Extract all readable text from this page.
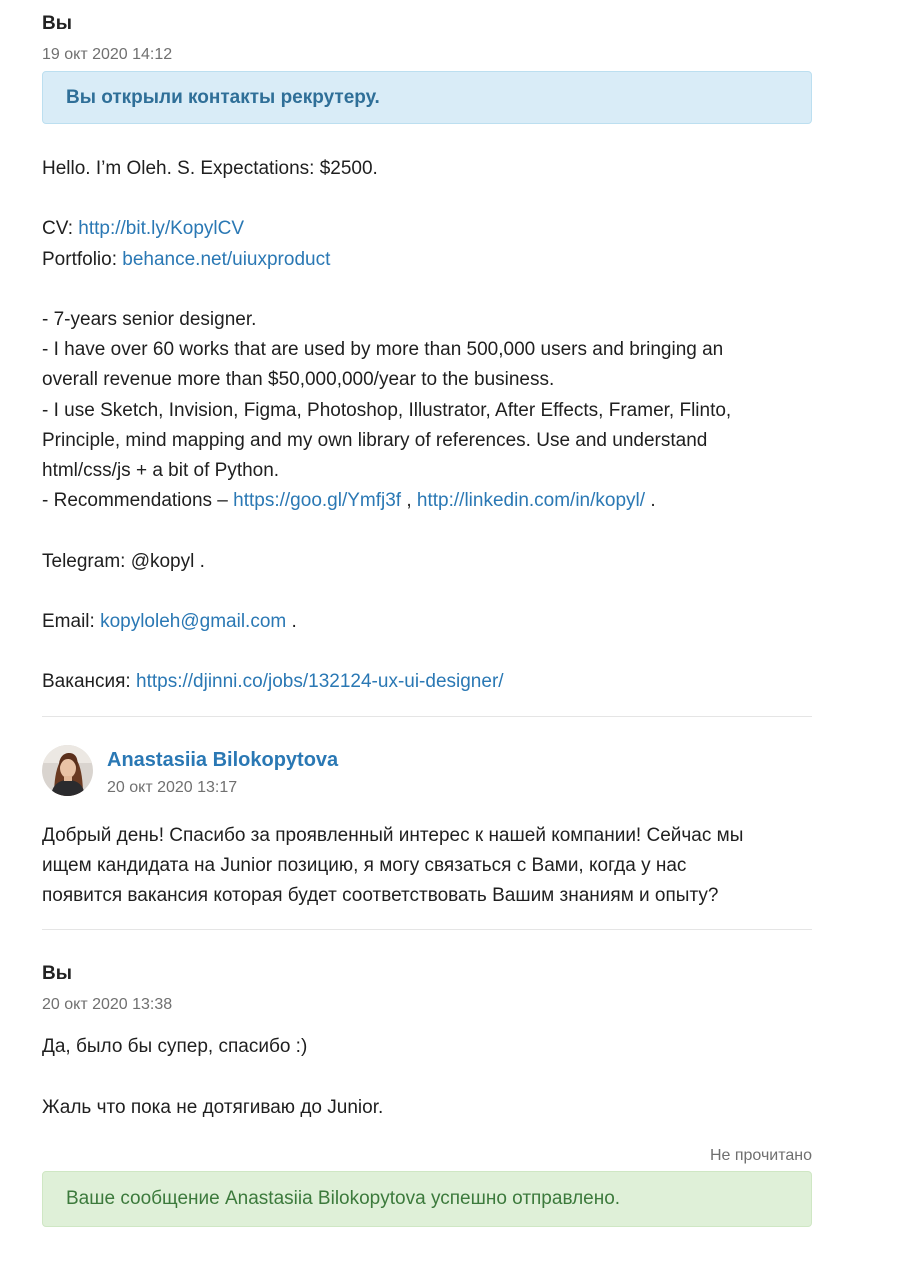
Вы
19 окт 2020 14:12
Вы открыли контакты рекрутеру.
Hello. I’m Oleh. S. Expectations: $2500.
CV: http://bit.ly/KopylCV
Portfolio: behance.net/uiuxproduct
- 7-years senior designer.
- I have over 60 works that are used by more than 500,000 users and bringing an
overall revenue more than $50,000,000/year to the business.
- I use Sketch, Invision, Figma, Photoshop, Illustrator, After Effects, Framer, Flinto,
Principle, mind mapping and my own library of references. Use and understand
html/css/js + a bit of Python.
- Recommendations – https://goo.gl/Ymfj3f , http://linkedin.com/in/kopyl/ .
Telegram: @kopyl .
Email: kopyloleh@gmail.com .
Вакансия: https://djinni.co/jobs/132124-ux-ui-designer/
Anastasiia Bilokopytova
20 окт 2020 13:17
Добрый день! Спасибо за проявленный интерес к нашей компании! Сейчас мы
ищем кандидата на Junior позицию, я могу связаться с Вами, когда у нас
появится вакансия которая будет соответствовать Вашим знаниям и опыту?
Вы
20 окт 2020 13:38
Да, было бы супер, спасибо :)
Жаль что пока не дотягиваю до Junior.
Не прочитано
Ваше сообщение Anastasiia Bilokopytova успешно отправлено.
